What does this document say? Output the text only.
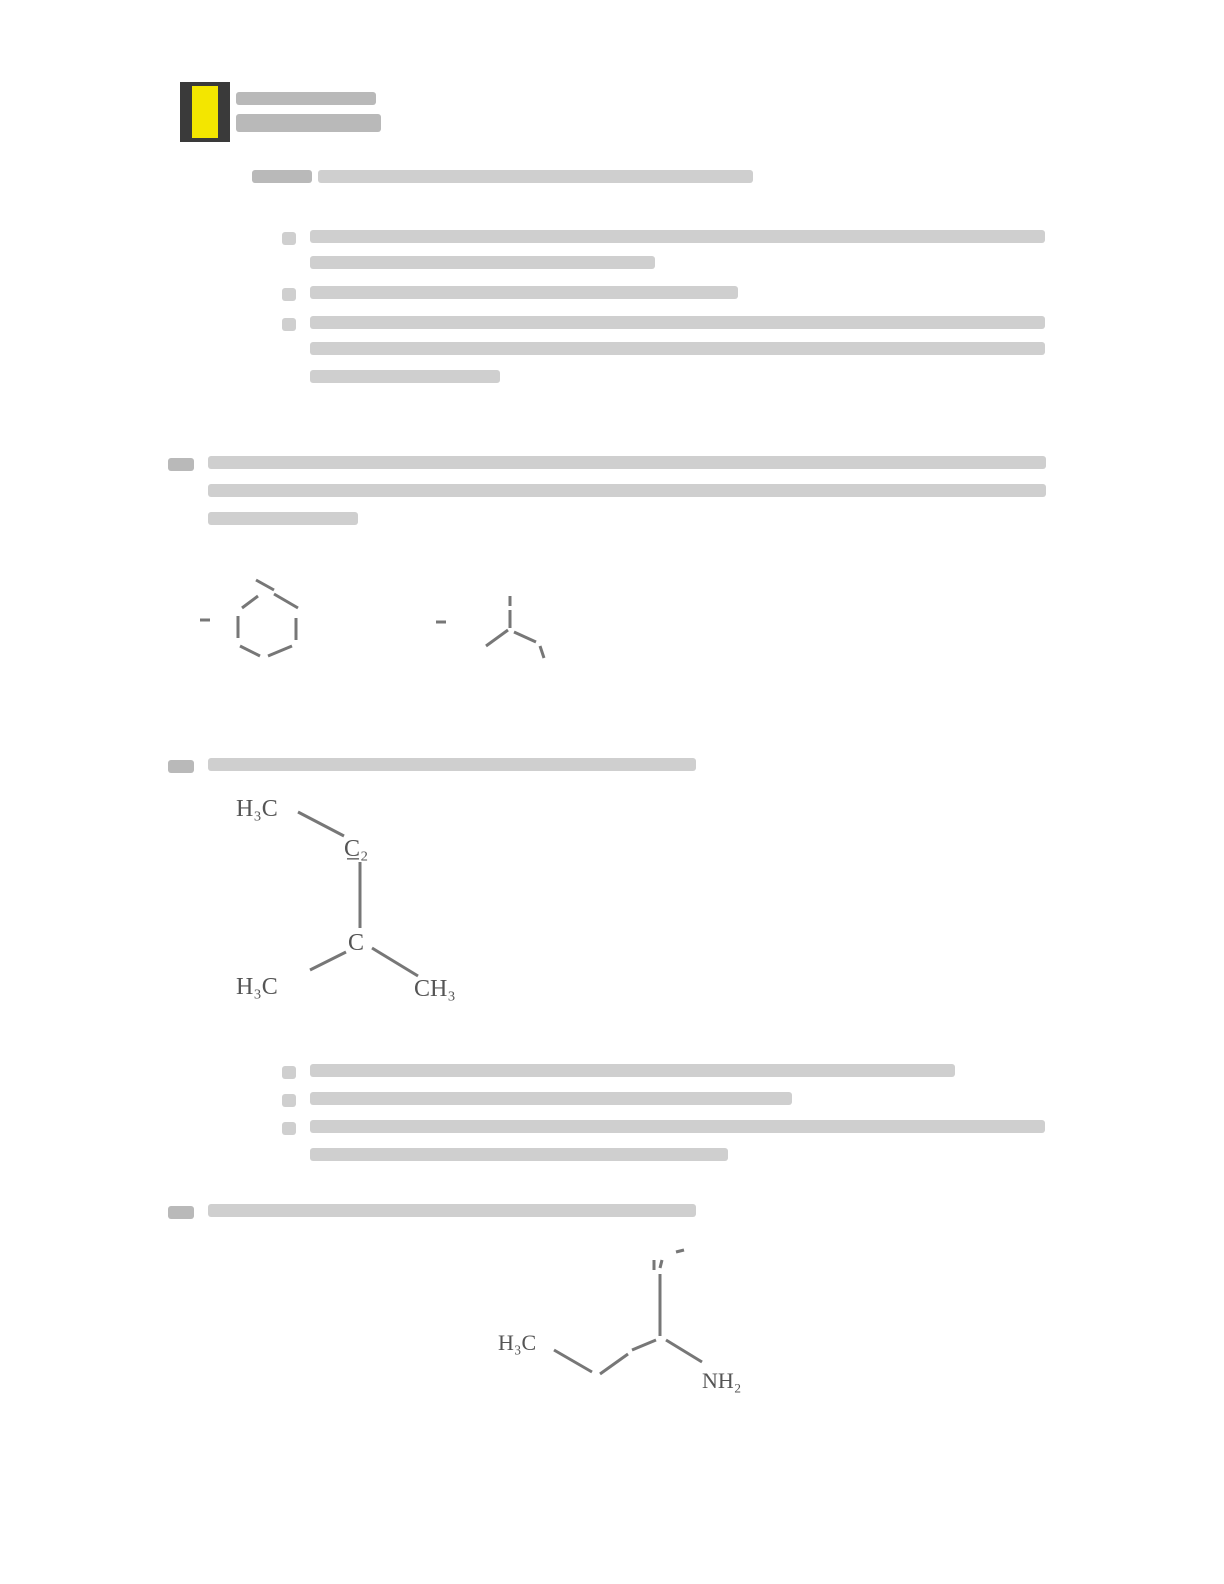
H₃C
C̲₂
C
H₃C	CH₃
H₃C
NH₂
